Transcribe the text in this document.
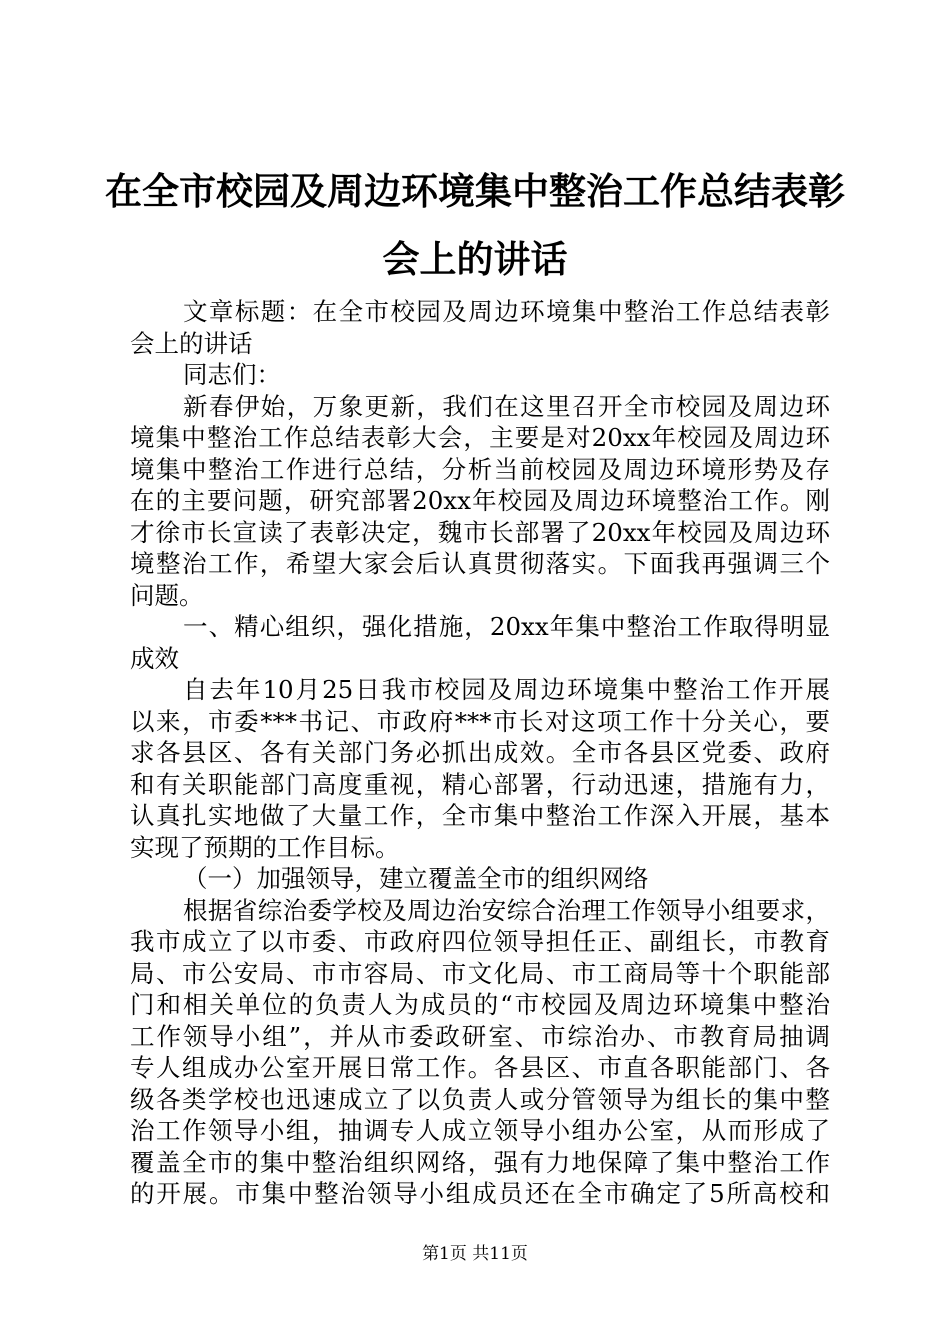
在全市校园及周边环境集中整治工作总结表彰
会上的讲话
文章标题：在全市校园及周边环境集中整治工作总结表彰
会上的讲话
同志们：
新春伊始，万象更新，我们在这里召开全市校园及周边环
境集中整治工作总结表彰大会，主要是对20xx年校园及周边环
境集中整治工作进行总结，分析当前校园及周边环境形势及存
在的主要问题，研究部署20xx年校园及周边环境整治工作。刚
才徐市长宣读了表彰决定，魏市长部署了20xx年校园及周边环
境整治工作，希望大家会后认真贯彻落实。下面我再强调三个
问题。
一、精心组织，强化措施，20xx年集中整治工作取得明显
成效
自去年10月25日我市校园及周边环境集中整治工作开展
以来，市委***书记、市政府***市长对这项工作十分关心，要
求各县区、各有关部门务必抓出成效。全市各县区党委、政府
和有关职能部门高度重视，精心部署，行动迅速，措施有力，
认真扎实地做了大量工作，全市集中整治工作深入开展，基本
实现了预期的工作目标。
（一）加强领导，建立覆盖全市的组织网络
根据省综治委学校及周边治安综合治理工作领导小组要求，
我市成立了以市委、市政府四位领导担任正、副组长，市教育
局、市公安局、市市容局、市文化局、市工商局等十个职能部
门和相关单位的负责人为成员的“市校园及周边环境集中整治
工作领导小组”，并从市委政研室、市综治办、市教育局抽调
专人组成办公室开展日常工作。各县区、市直各职能部门、各
级各类学校也迅速成立了以负责人或分管领导为组长的集中整
治工作领导小组，抽调专人成立领导小组办公室，从而形成了
覆盖全市的集中整治组织网络，强有力地保障了集中整治工作
的开展。市集中整治领导小组成员还在全市确定了5所高校和
第1页 共11页
